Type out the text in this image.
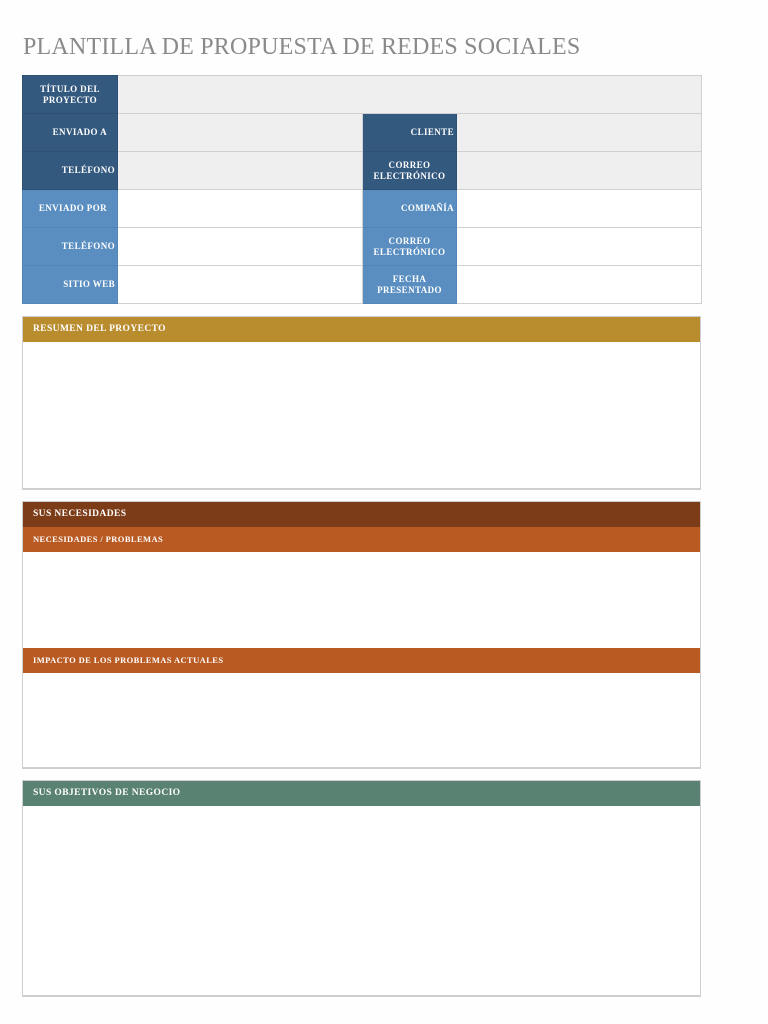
PLANTILLA DE PROPUESTA DE REDES SOCIALES
TÍTULO DEL PROYECTO			

ENVIADO A		CLIENTE	

TELÉFONO		CORREO ELECTRÓNICO	

ENVIADO POR		COMPAÑÍA	

TELÉFONO		CORREO ELECTRÓNICO	

SITIO WEB		FECHA PRESENTADO	
RESUMEN DEL PROYECTO
SUS NECESIDADES
NECESIDADES / PROBLEMAS
IMPACTO DE LOS PROBLEMAS ACTUALES
SUS OBJETIVOS DE NEGOCIO
